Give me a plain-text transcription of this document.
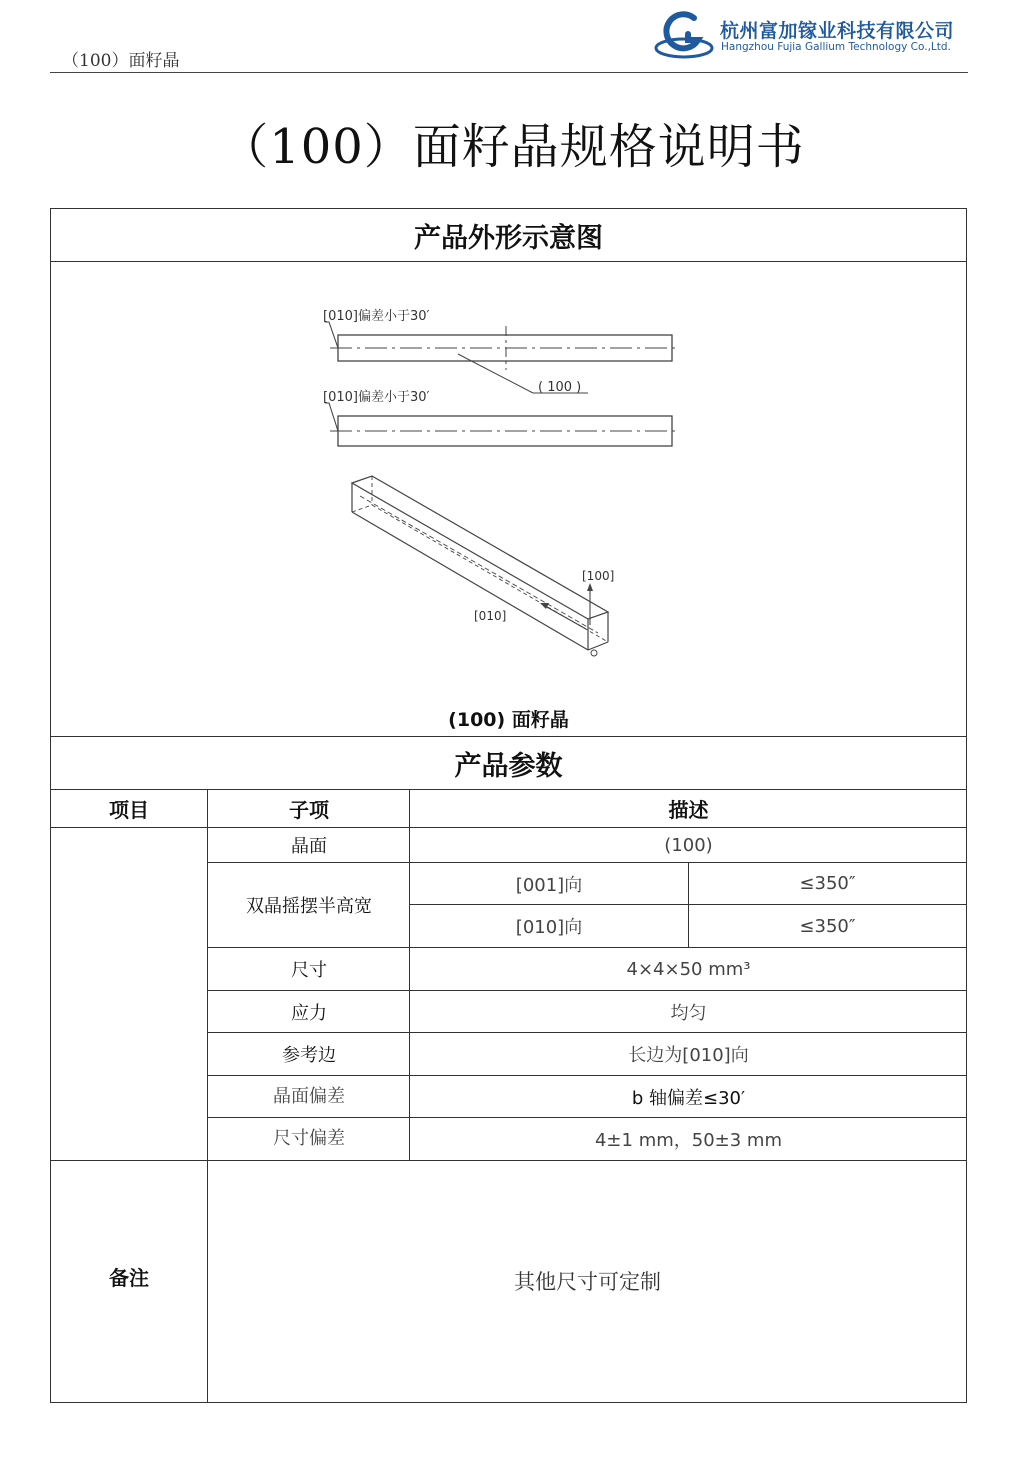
（100）面籽晶
杭州富加镓业科技有限公司
Hangzhou Fujia Gallium Technology Co.,Ltd.
（100）面籽晶规格说明书
产品外形示意图
[010]偏差小于30′
( 100 )
[010]偏差小于30′
[100]
[010]
(100) 面籽晶
产品参数
项目	子项	描述
晶面	(100)
双晶摇摆半高宽
[001]向	≤350″
[010]向	≤350″
尺寸	4×4×50 mm³
应力	均匀
参考边	长边为[010]向
晶面偏差	b 轴偏差≤30′
尺寸偏差	4±1 mm，50±3 mm
备注	其他尺寸可定制
